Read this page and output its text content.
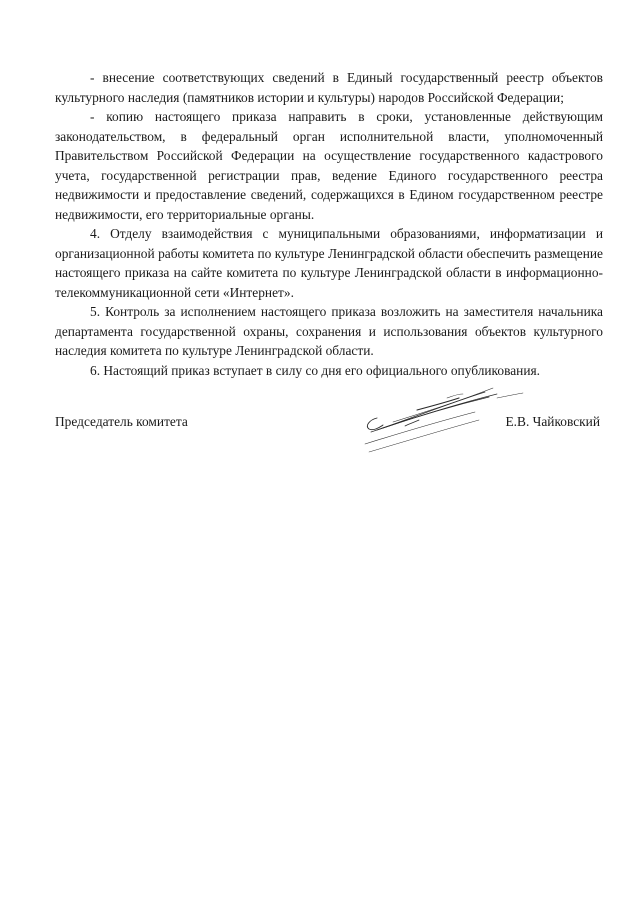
- внесение соответствующих сведений в Единый государственный реестр объектов культурного наследия (памятников истории и культуры) народов Российской Федерации;

- копию настоящего приказа направить в сроки, установленные действующим законодательством, в федеральный орган исполнительной власти, уполномоченный Правительством Российской Федерации на осуществление государственного кадастрового учета, государственной регистрации прав, ведение Единого государственного реестра недвижимости и предоставление сведений, содержащихся в Едином государственном реестре недвижимости, его территориальные органы.

4. Отделу взаимодействия с муниципальными образованиями, информатизации и организационной работы комитета по культуре Ленинградской области обеспечить размещение настоящего приказа на сайте комитета по культуре Ленинградской области в информационно-телекоммуникационной сети «Интернет».

5. Контроль за исполнением настоящего приказа возложить на заместителя начальника департамента государственной охраны, сохранения и использования объектов культурного наследия комитета по культуре Ленинградской области.

6. Настоящий приказ вступает в силу со дня его официального опубликования.

Председатель комитета	Е.В. Чайковский
